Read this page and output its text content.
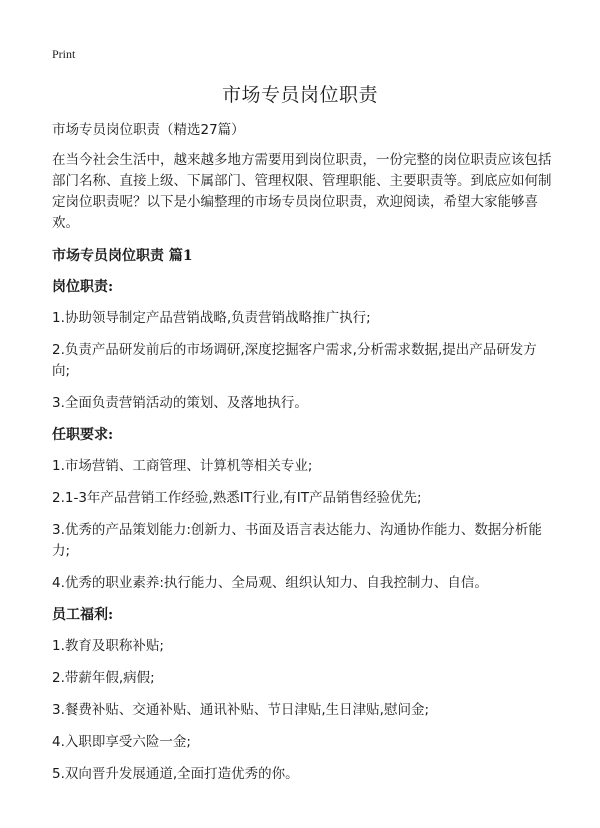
Print
市场专员岗位职责

市场专员岗位职责（精选27篇）

在当今社会生活中，越来越多地方需要用到岗位职责，一份完整的岗位职责应该包括部门名称、直接上级、下属部门、管理权限、管理职能、主要职责等。到底应如何制定岗位职责呢？以下是小编整理的市场专员岗位职责，欢迎阅读，希望大家能够喜欢。

市场专员岗位职责 篇1

岗位职责:

1.协助领导制定产品营销战略,负责营销战略推广执行;

2.负责产品研发前后的市场调研,深度挖掘客户需求,分析需求数据,提出产品研发方向;

3.全面负责营销活动的策划、及落地执行。

任职要求:

1.市场营销、工商管理、计算机等相关专业;

2.1-3年产品营销工作经验,熟悉IT行业,有IT产品销售经验优先;

3.优秀的产品策划能力:创新力、书面及语言表达能力、沟通协作能力、数据分析能力;

4.优秀的职业素养:执行能力、全局观、组织认知力、自我控制力、自信。

员工福利:

1.教育及职称补贴;

2.带薪年假,病假;

3.餐费补贴、交通补贴、通讯补贴、节日津贴,生日津贴,慰问金;

4.入职即享受六险一金;

5.双向晋升发展通道,全面打造优秀的你。
